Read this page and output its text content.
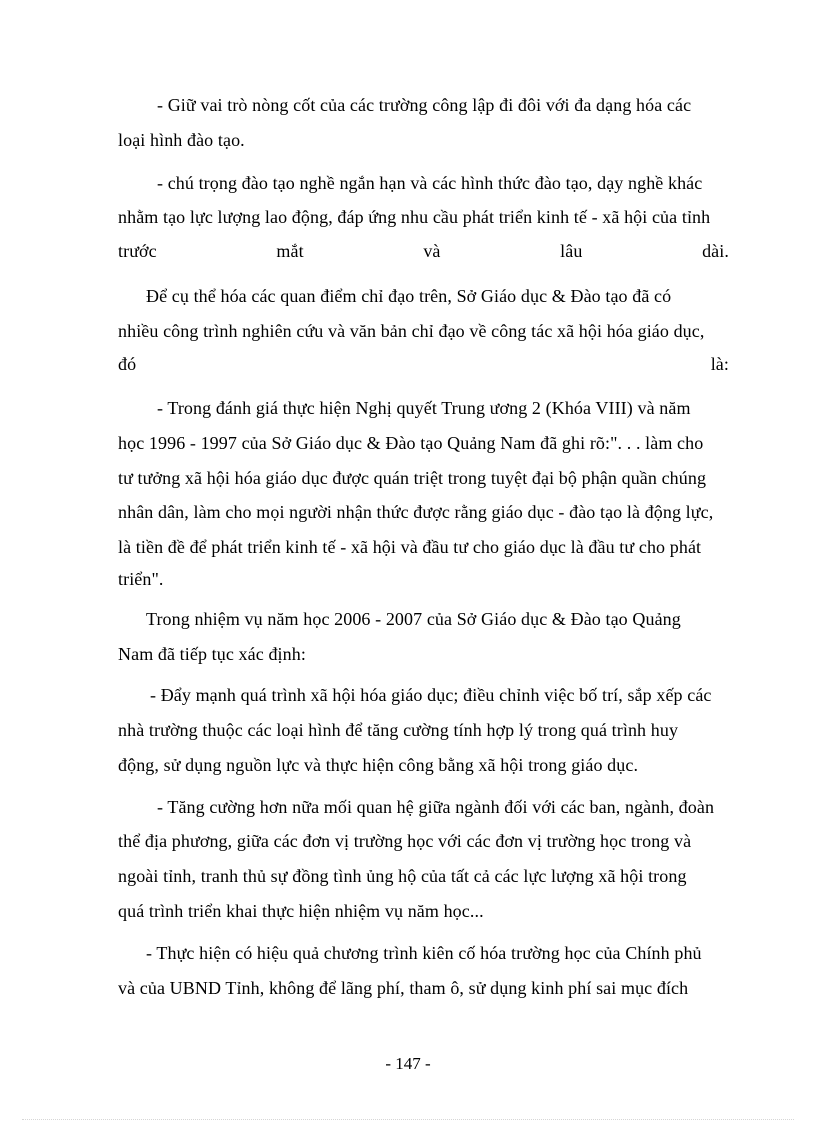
- Giữ vai trò nòng cốt của các trường công lập đi đôi với đa dạng hóa các
loại hình đào tạo.
- chú trọng đào tạo nghề ngắn hạn và các hình thức đào tạo, dạy nghề khác
nhằm tạo lực lượng lao động, đáp ứng nhu cầu phát triển kinh tế - xã hội của tỉnh
trước	mắt	và	lâu	dài.
Để cụ thể hóa các quan điểm chỉ đạo trên, Sở Giáo dục & Đào tạo đã có
nhiều công trình nghiên cứu và văn bản chỉ đạo về công tác xã hội hóa giáo dục,
đó	là:
- Trong đánh giá thực hiện Nghị quyết Trung ương 2 (Khóa VIII) và năm
học 1996 - 1997 của Sở Giáo dục & Đào tạo Quảng Nam đã ghi rõ:". . . làm cho
tư tưởng xã hội hóa giáo dục được quán triệt trong tuyệt đại bộ phận quần chúng
nhân dân, làm cho mọi người nhận thức được rằng giáo dục - đào tạo là động lực,
là tiền đề để phát triển kinh tế - xã hội và đầu tư cho giáo dục là đầu tư cho phát
triển".
Trong nhiệm vụ năm học 2006 - 2007 của Sở Giáo dục & Đào tạo Quảng
Nam đã tiếp tục xác định:
- Đẩy mạnh quá trình xã hội hóa giáo dục; điều chỉnh việc bố trí, sắp xếp các
nhà trường thuộc các loại hình để tăng cường tính hợp lý trong quá trình huy
động, sử dụng nguồn lực và thực hiện công bằng xã hội trong giáo dục.
- Tăng cường hơn nữa mối quan hệ giữa ngành đối với các ban, ngành, đoàn
thể địa phương, giữa các đơn vị trường học với các đơn vị trường học trong và
ngoài tỉnh, tranh thủ sự đồng tình ủng hộ của tất cả các lực lượng xã hội trong
quá trình triển khai thực hiện nhiệm vụ năm học...
- Thực hiện có hiệu quả chương trình kiên cố hóa trường học của Chính phủ
và của UBND Tỉnh, không để lãng phí, tham ô, sử dụng kinh phí sai mục đích
- 147 -
